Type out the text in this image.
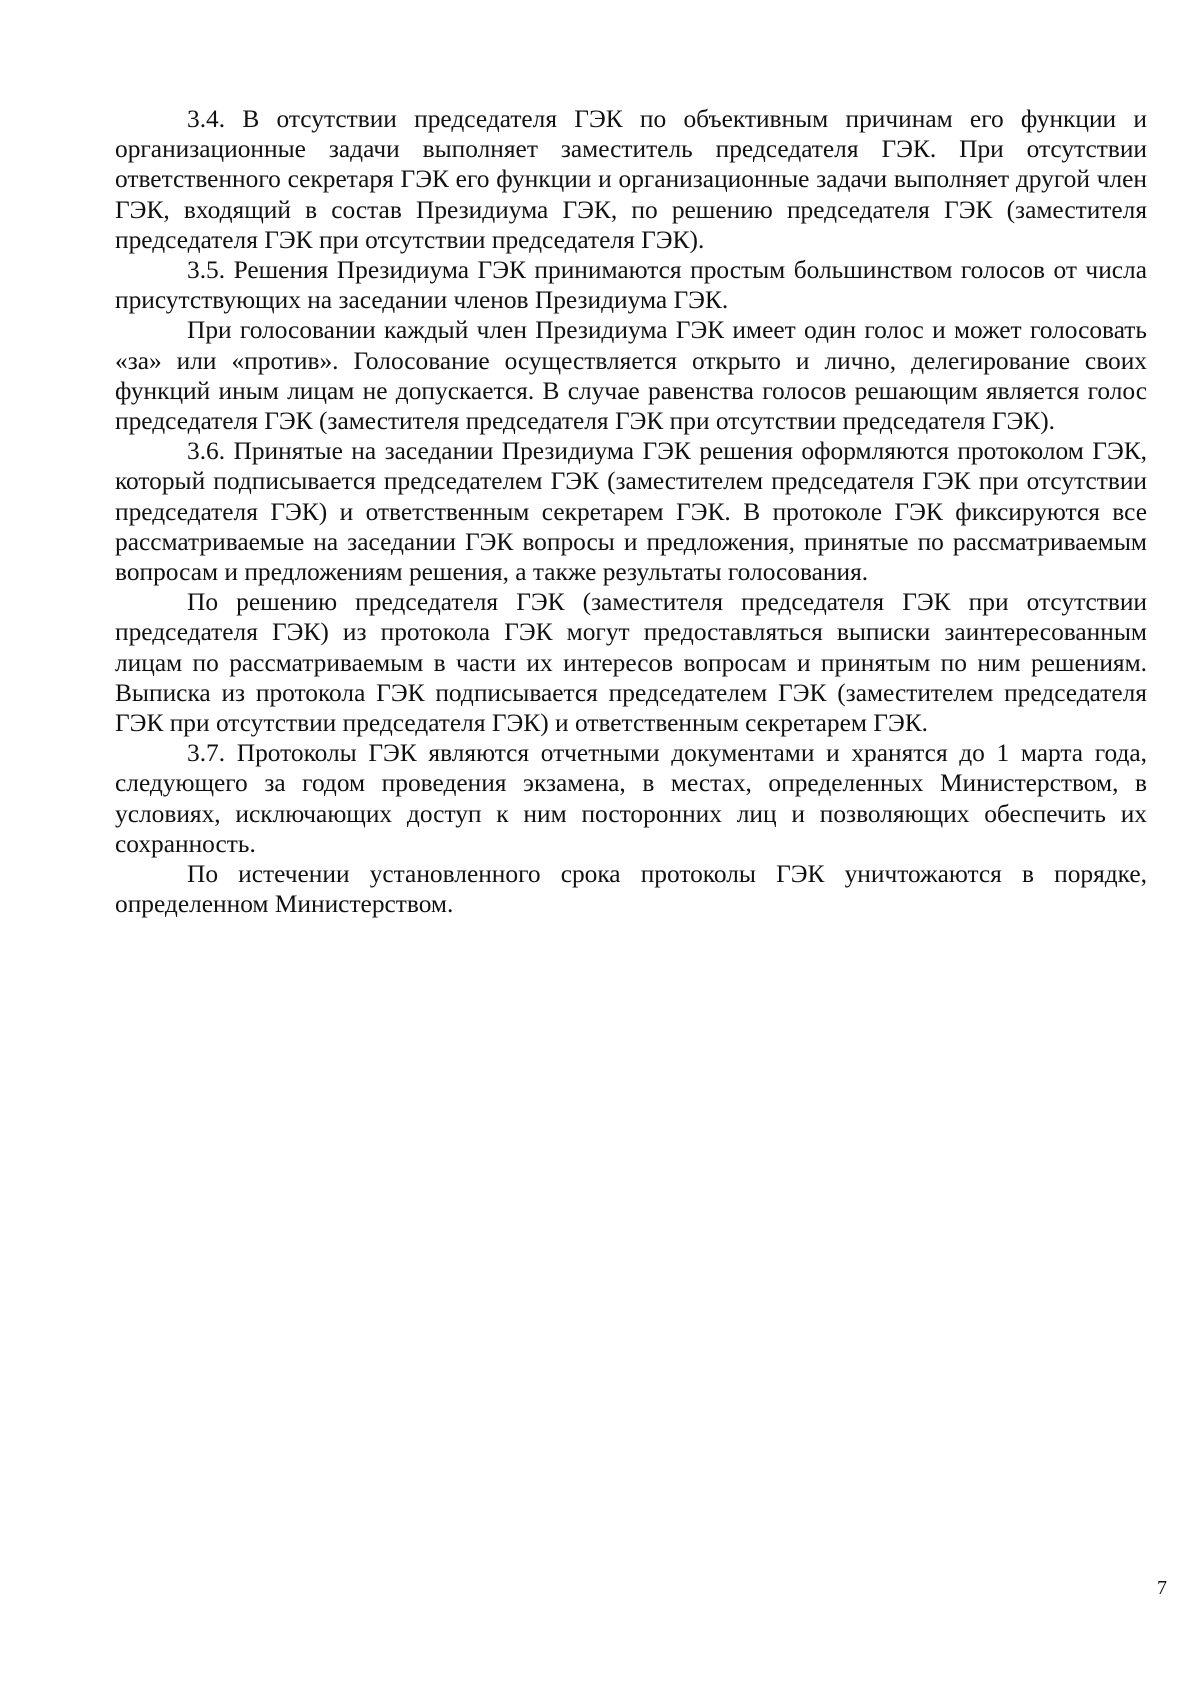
3.4. В отсутствии председателя ГЭК по объективным причинам его функции и организационные задачи выполняет заместитель председателя ГЭК. При отсутствии ответственного секретаря ГЭК его функции и организационные задачи выполняет другой член ГЭК, входящий в состав Президиума ГЭК, по решению председателя ГЭК (заместителя председателя ГЭК при отсутствии председателя ГЭК).

3.5. Решения Президиума ГЭК принимаются простым большинством голосов от числа присутствующих на заседании членов Президиума ГЭК.

При голосовании каждый член Президиума ГЭК имеет один голос и может голосовать «за» или «против». Голосование осуществляется открыто и лично, делегирование своих функций иным лицам не допускается. В случае равенства голосов решающим является голос председателя ГЭК (заместителя председателя ГЭК при отсутствии председателя ГЭК).

3.6. Принятые на заседании Президиума ГЭК решения оформляются протоколом ГЭК, который подписывается председателем ГЭК (заместителем председателя ГЭК при отсутствии председателя ГЭК) и ответственным секретарем ГЭК. В протоколе ГЭК фиксируются все рассматриваемые на заседании ГЭК вопросы и предложения, принятые по рассматриваемым вопросам и предложениям решения, а также результаты голосования.

По решению председателя ГЭК (заместителя председателя ГЭК при отсутствии председателя ГЭК) из протокола ГЭК могут предоставляться выписки заинтересованным лицам по рассматриваемым в части их интересов вопросам и принятым по ним решениям. Выписка из протокола ГЭК подписывается председателем ГЭК (заместителем председателя ГЭК при отсутствии председателя ГЭК) и ответственным секретарем ГЭК.

3.7. Протоколы ГЭК являются отчетными документами и хранятся до 1 марта года, следующего за годом проведения экзамена, в местах, определенных Министерством, в условиях, исключающих доступ к ним посторонних лиц и позволяющих обеспечить их сохранность.

По истечении установленного срока протоколы ГЭК уничтожаются в порядке, определенном Министерством.

7
